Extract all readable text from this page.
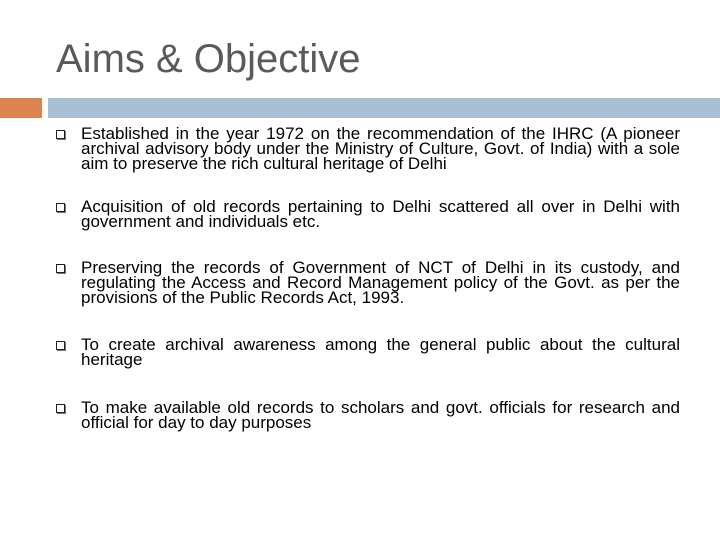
Aims & Objective
Established in the year 1972 on the recommendation of the IHRC (A pioneer archival advisory body under the Ministry of Culture, Govt. of India) with a sole aim to preserve the rich cultural heritage of Delhi
Acquisition of old records pertaining to Delhi scattered all over in Delhi with government and individuals etc.
Preserving the records of Government of NCT of Delhi in its custody, and regulating the Access and Record Management policy of the Govt. as per the provisions of the Public Records Act, 1993.
To create archival awareness among the general public about the cultural heritage
To make available old records to scholars and govt. officials for research and official for day to day purposes
